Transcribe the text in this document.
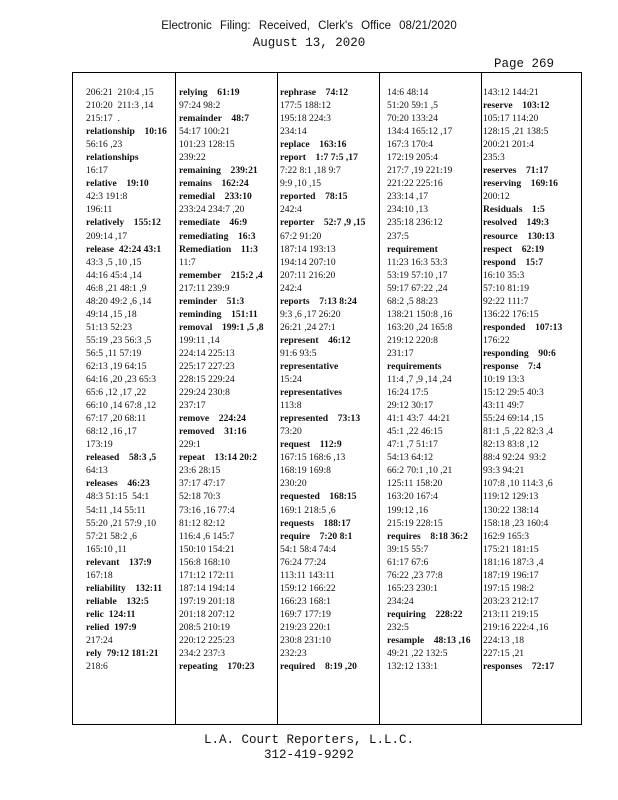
Electronic Filing: Received, Clerk's Office 08/21/2020
August 13, 2020
Page 269
206:21  210:4 ,15
210:20  211:3 ,14
215:17  .
relationship    10:16
56:16 ,23
relationships
16:17
relative    19:10
42:3 191:8
196:11
relatively    155:12
209:14 ,17
release  42:24 43:1
43:3 ,5 ,10 ,15
44:16 45:4 ,14
46:8 ,21 48:1 ,9
48:20 49:2 ,6 ,14
49:14 ,15 ,18
51:13 52:23
55:19 ,23 56:3 ,5
56:5 ,11 57:19
62:13 ,19 64:15
64:16 ,20 ,23 65:3
65:6 ,12 ,17 ,22
66:10 ,14 67:8 ,12
67:17 ,20 68:11
68:12 ,16 ,17
173:19
released    58:3 ,5
64:13
releases    46:23
48:3 51:15  54:1
54:11 ,14 55:11
55:20 ,21 57:9 ,10
57:21 58:2 ,6
165:10 ,11
relevant    137:9
167:18
reliability    132:11
reliable    132:5
relic  124:11
relied  197:9
217:24
rely  79:12 181:21
218:6
relying    61:19
97:24 98:2
remainder    48:7
54:17 100:21
101:23 128:15
239:22
remaining    239:21
remains    162:24
remedial    233:10
233:24 234:7 ,20
remediate    46:9
remediating    16:3
Remediation    11:3
11:7
remember    215:2 ,4
217:11 239:9
reminder    51:3
reminding    151:11
removal    199:1 ,5 ,8
199:11 ,14
224:14 225:13
225:17 227:23
228:15 229:24
229:24 230:8
237:17
remove    224:24
removed    31:16
229:1
repeat    13:14 20:2
23:6 28:15
37:17 47:17
52:18 70:3
73:16 ,16 77:4
81:12 82:12
116:4 ,6 145:7
150:10 154:21
156:8 168:10
171:12 172:11
187:14 194:14
197:19 201:18
201:18 207:12
208:5 210:19
220:12 225:23
234:2 237:3
repeating    170:23
rephrase    74:12
177:5 188:12
195:18 224:3
234:14
replace    163:16
report    1:7 7:5 ,17
7:22 8:1 ,18 9:7
9:9 ,10 ,15
reported    78:15
242:4
reporter    52:7 ,9 ,15
67:2 91:20
187:14 193:13
194:14 207:10
207:11 216:20
242:4
reports    7:13 8:24
9:3 ,6 ,17 26:20
26:21 ,24 27:1
represent    46:12
91:6 93:5
representative
15:24
representatives
113:8
represented    73:13
73:20
request    112:9
167:15 168:6 ,13
168:19 169:8
230:20
requested    168:15
169:1 218:5 ,6
requests    188:17
require    7:20 8:1
54:1 58:4 74:4
76:24 77:24
113:11 143:11
159:12 166:22
166:23 168:1
169:7 177:19
219:23 220:1
230:8 231:10
232:23
required    8:19 ,20
14:6 48:14
51:20 59:1 ,5
70:20 133:24
134:4 165:12 ,17
167:3 170:4
172:19 205:4
217:7 ,19 221:19
221:22 225:16
233:14 ,17
234:10 ,13
235:18 236:12
237:5
requirement
11:23 16:3 53:3
53:19 57:10 ,17
59:17 67:22 ,24
68:2 ,5 88:23
138:21 150:8 ,16
163:20 ,24 165:8
219:12 220:8
231:17
requirements
11:4 ,7 ,9 ,14 ,24
16:24 17:5
29:12 30:17
41:1 43:7  44:21
45:1 ,22 46:15
47:1 ,7 51:17
54:13 64:12
66:2 70:1 ,10 ,21
125:11 158:20
163:20 167:4
199:12 ,16
215:19 228:15
requires    8:18 36:2
39:15 55:7
61:17 67:6
76:22 ,23 77:8
165:23 230:1
234:24
requiring    228:22
232:5
resample    48:13 ,16
49:21 ,22 132:5
132:12 133:1
143:12 144:21
reserve    103:12
105:17 114:20
128:15 ,21 138:5
200:21 201:4
235:3
reserves    71:17
reserving    169:16
200:12
Residuals    1:5
resolved    149:3
resource    130:13
respect    62:19
respond    15:7
16:10 35:3
57:10 81:19
92:22 111:7
136:22 176:15
responded    107:13
176:22
responding    90:6
response    7:4
10:19 13:3
15:12 29:5 40:3
43:11 49:7
55:24 69:14 ,15
81:1 ,5 ,22 82:3 ,4
82:13 83:8 ,12
88:4 92:24  93:2
93:3 94:21
107:8 ,10 114:3 ,6
119:12 129:13
130:22 138:14
158:18 ,23 160:4
162:9 165:3
175:21 181:15
181:16 187:3 ,4
187:19 196:17
197:15 198:2
203:23 212:17
213:11 219:15
219:16 222:4 ,16
224:13 ,18
227:15 ,21
responses    72:17
L.A. Court Reporters, L.L.C.
312-419-9292
